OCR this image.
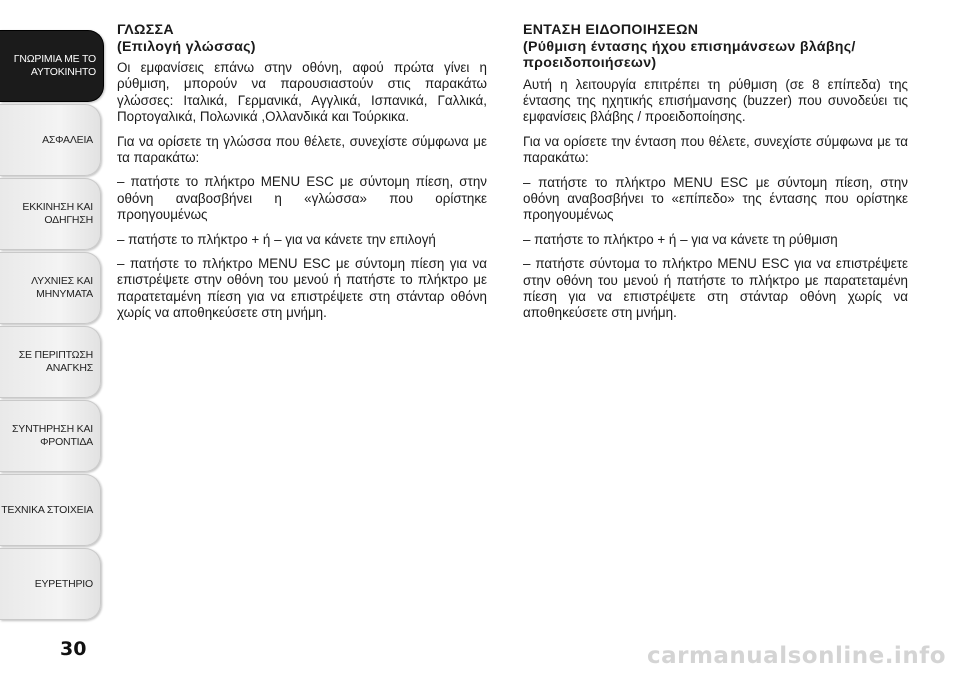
ΓΝΩΡΙΜΙΑ ΜΕ ΤΟ
ΑΥΤΟΚΙΝΗΤΟ
ΑΣΦΑΛΕΙΑ
ΕΚΚΙΝΗΣΗ ΚΑΙ
ΟΔΗΓΗΣΗ
ΛΥΧΝΙΕΣ ΚΑΙ
ΜΗΝΥΜΑΤΑ
ΣΕ ΠΕΡΙΠΤΩΣΗ
ΑΝΑΓΚΗΣ
ΣΥΝΤΗΡΗΣΗ ΚΑΙ
ΦΡΟΝΤΙΔΑ
ΤΕΧΝΙΚΑ ΣΤΟΙΧΕΙΑ
ΕΥΡΕΤΗΡΙΟ
30
ΓΛΩΣΣΑ
(Επιλογή γλώσσας)

Οι εμφανίσεις επάνω στην οθόνη, αφού πρώτα γίνει η ρύθμιση, μπορούν να παρουσιαστούν στις παρακάτω γλώσσες: Ιταλικά, Γερμανικά, Αγγλικά, Ισπανικά, Γαλλικά, Πορτογαλικά, Πολωνικά ,Ολλανδικά και Τούρκικα.

Για να ορίσετε τη γλώσσα που θέλετε, συνεχίστε σύμφωνα με τα παρακάτω:

– πατήστε το πλήκτρο MENU ESC με σύντομη πίεση, στην οθόνη αναβοσβήνει η «γλώσσα» που ορίστηκε προηγουμένως

– πατήστε το πλήκτρο + ή – για να κάνετε την επιλογή

– πατήστε το πλήκτρο MENU ESC με σύντομη πίεση για να επιστρέψετε στην οθόνη του μενού ή πατήστε το πλήκτρο με παρατεταμένη πίεση για να επιστρέψετε στη στάνταρ οθόνη χωρίς να αποθηκεύσετε στη μνήμη.

ΕΝΤΑΣΗ ΕΙΔΟΠΟΙΗΣΕΩΝ
(Ρύθμιση έντασης ήχου επισημάνσεων βλάβης/ προειδοποιήσεων)

Αυτή η λειτουργία επιτρέπει τη ρύθμιση (σε 8 επίπεδα) της έντασης της ηχητικής επισήμανσης (buzzer) που συνοδεύει τις εμφανίσεις βλάβης / προειδοποίησης.

Για να ορίσετε την ένταση που θέλετε, συνεχίστε σύμφωνα με τα παρακάτω:

– πατήστε το πλήκτρο MENU ESC με σύντομη πίεση, στην οθόνη αναβοσβήνει το «επίπεδο» της έντασης που ορίστηκε προηγουμένως

– πατήστε το πλήκτρο + ή – για να κάνετε τη ρύθμιση

– πατήστε σύντομα το πλήκτρο MENU ESC για να επιστρέψετε στην οθόνη του μενού ή πατήστε το πλήκτρο με παρατεταμένη πίεση για να επιστρέψετε στη στάνταρ οθόνη χωρίς να αποθηκεύσετε στη μνήμη.

carmanualsonline.info
